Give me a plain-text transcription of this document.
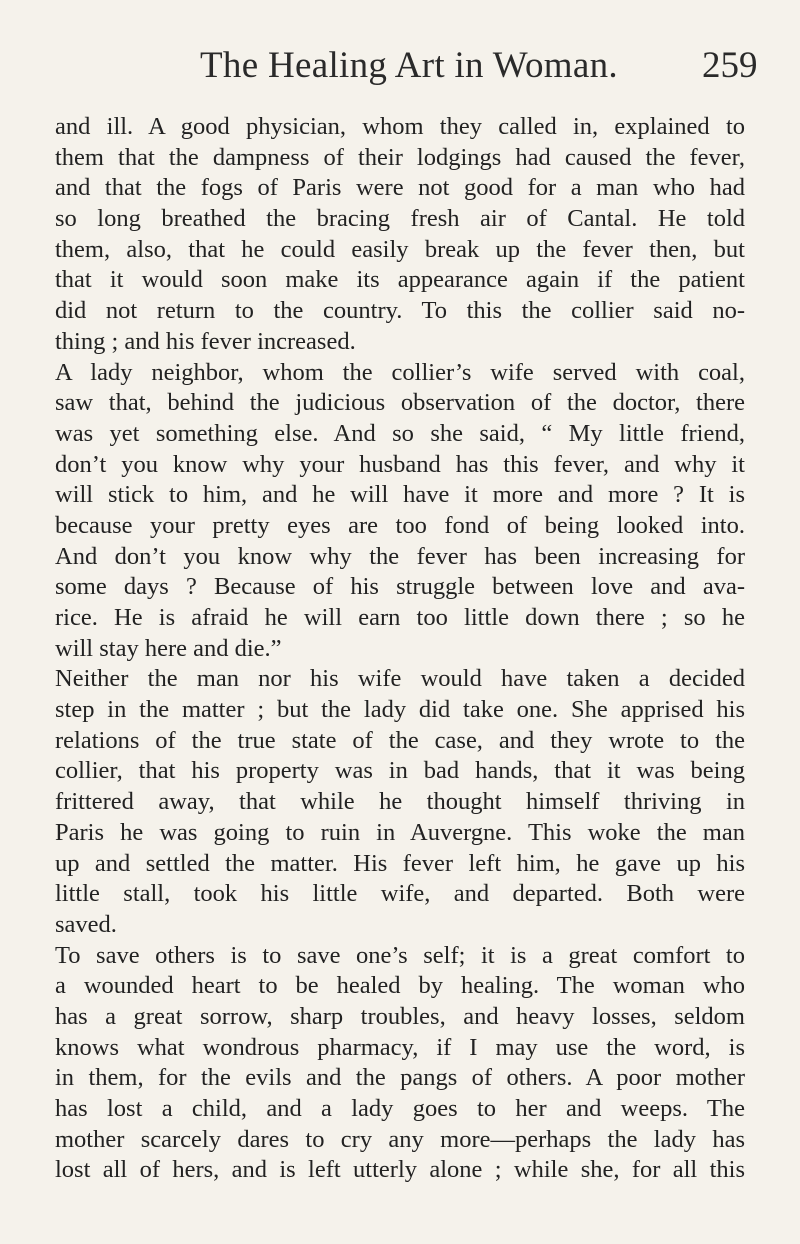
The Healing Art in Woman. 259
and ill. A good physician, whom they called in, explained to
them that the dampness of their lodgings had caused the fever,
and that the fogs of Paris were not good for a man who had
so long breathed the bracing fresh air of Cantal. He told
them, also, that he could easily break up the fever then, but
that it would soon make its appearance again if the patient
did not return to the country. To this the collier said no-
thing ; and his fever increased.
A lady neighbor, whom the collier’s wife served with coal,
saw that, behind the judicious observation of the doctor, there
was yet something else. And so she said, “ My little friend,
don’t you know why your husband has this fever, and why it
will stick to him, and he will have it more and more ? It is
because your pretty eyes are too fond of being looked into.
And don’t you know why the fever has been increasing for
some days ? Because of his struggle between love and ava-
rice. He is afraid he will earn too little down there ; so he
will stay here and die.”
Neither the man nor his wife would have taken a decided
step in the matter ; but the lady did take one. She apprised his
relations of the true state of the case, and they wrote to the
collier, that his property was in bad hands, that it was being
frittered away, that while he thought himself thriving in
Paris he was going to ruin in Auvergne. This woke the man
up and settled the matter. His fever left him, he gave up his
little stall, took his little wife, and departed. Both were
saved.
To save others is to save one’s self; it is a great comfort to
a wounded heart to be healed by healing. The woman who
has a great sorrow, sharp troubles, and heavy losses, seldom
knows what wondrous pharmacy, if I may use the word, is
in them, for the evils and the pangs of others. A poor mother
has lost a child, and a lady goes to her and weeps. The
mother scarcely dares to cry any more—perhaps the lady has
lost all of hers, and is left utterly alone ; while she, for all this
